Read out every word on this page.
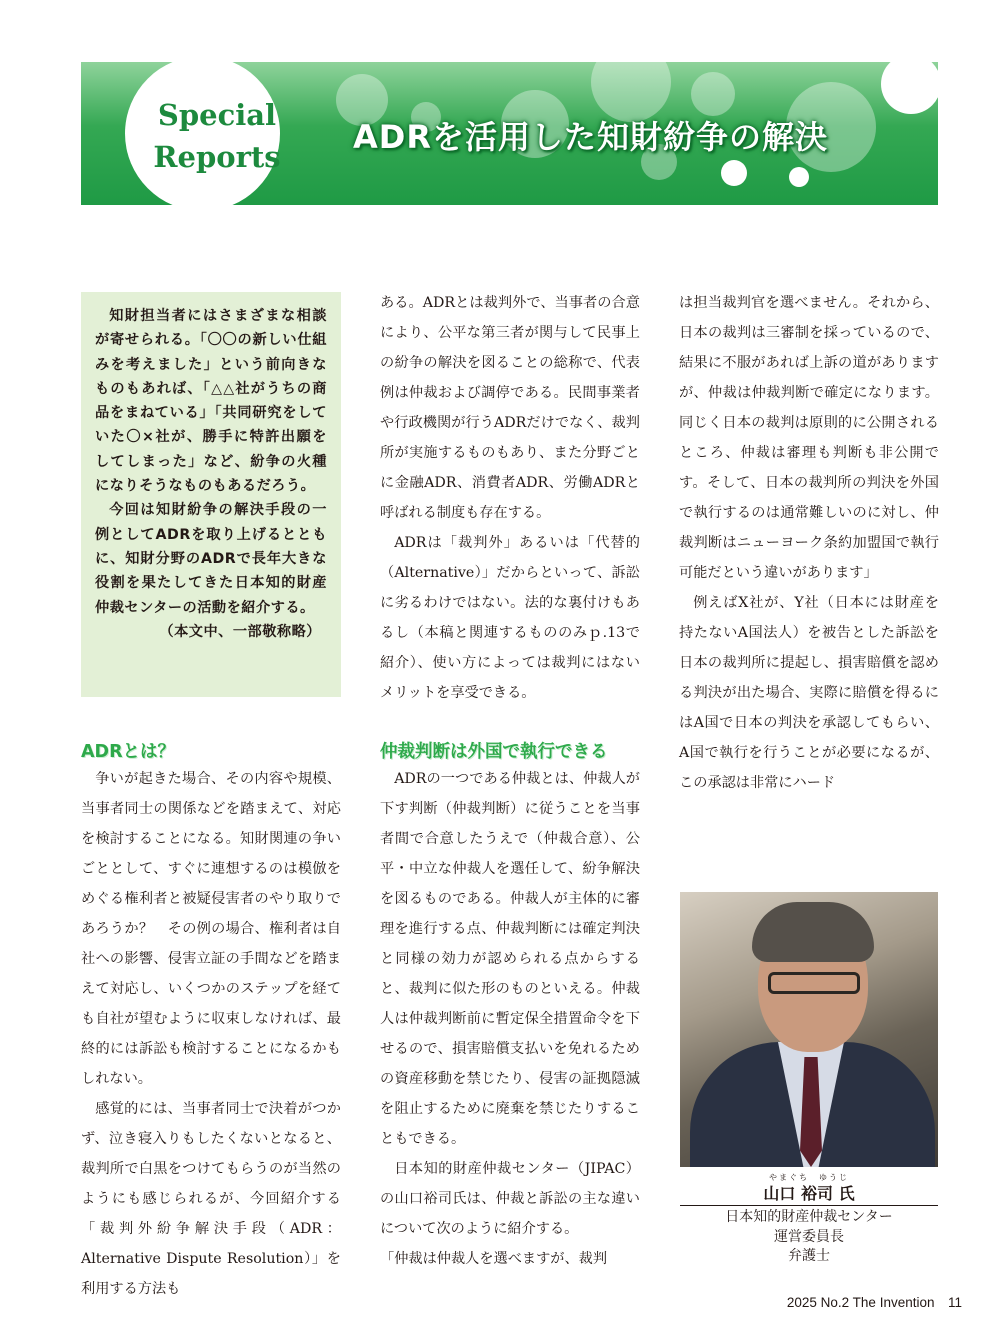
Special
Reports
ADRを活用した知財紛争の解決

知財担当者にはさまざまな相談が寄せられる。「〇〇の新しい仕組みを考えました」という前向きなものもあれば、「△△社がうちの商品をまねている」「共同研究をしていた〇×社が、勝手に特許出願をしてしまった」など、紛争の火種になりそうなものもあるだろう。

今回は知財紛争の解決手段の一例としてADRを取り上げるとともに、知財分野のADRで長年大きな役割を果たしてきた日本知的財産仲裁センターの活動を紹介する。

（本文中、一部敬称略）

ADRとは？

争いが起きた場合、その内容や規模、当事者同士の関係などを踏まえて、対応を検討することになる。知財関連の争いごととして、すぐに連想するのは模倣をめぐる権利者と被疑侵害者のやり取りであろうか？　その例の場合、権利者は自社への影響、侵害立証の手間などを踏まえて対応し、いくつかのステップを経ても自社が望むように収束しなければ、最終的には訴訟も検討することになるかもしれない。

感覚的には、当事者同士で決着がつかず、泣き寝入りもしたくないとなると、裁判所で白黒をつけてもらうのが当然のようにも感じられるが、今回紹介する「裁判外紛争解決手段（ADR：Alternative Dispute Resolution）」を利用する方法も

ある。ADRとは裁判外で、当事者の合意により、公平な第三者が関与して民事上の紛争の解決を図ることの総称で、代表例は仲裁および調停である。民間事業者や行政機関が行うADRだけでなく、裁判所が実施するものもあり、また分野ごとに金融ADR、消費者ADR、労働ADRと呼ばれる制度も存在する。

ADRは「裁判外」あるいは「代替的（Alternative）」だからといって、訴訟に劣るわけではない。法的な裏付けもあるし（本稿と関連するもののみｐ.13で紹介）、使い方によっては裁判にはないメリットを享受できる。

仲裁判断は外国で執行できる

ADRの一つである仲裁とは、仲裁人が下す判断（仲裁判断）に従うことを当事者間で合意したうえで（仲裁合意）、公平・中立な仲裁人を選任して、紛争解決を図るものである。仲裁人が主体的に審理を進行する点、仲裁判断には確定判決と同様の効力が認められる点からすると、裁判に似た形のものといえる。仲裁人は仲裁判断前に暫定保全措置命令を下せるので、損害賠償支払いを免れるための資産移動を禁じたり、侵害の証拠隠滅を阻止するために廃棄を禁じたりすることもできる。

日本知的財産仲裁センター（JIPAC）の山口裕司氏は、仲裁と訴訟の主な違いについて次のように紹介する。

「仲裁は仲裁人を選べますが、裁判

は担当裁判官を選べません。それから、日本の裁判は三審制を採っているので、結果に不服があれば上訴の道がありますが、仲裁は仲裁判断で確定になります。同じく日本の裁判は原則的に公開されるところ、仲裁は審理も判断も非公開です。そして、日本の裁判所の判決を外国で執行するのは通常難しいのに対し、仲裁判断はニューヨーク条約加盟国で執行可能だという違いがあります」

例えばX社が、Y社（日本には財産を持たないA国法人）を被告とした訴訟を日本の裁判所に提起し、損害賠償を認める判決が出た場合、実際に賠償を得るにはA国で日本の判決を承認してもらい、A国で執行を行うことが必要になるが、この承認は非常にハード

やまぐち　ゆうじ
山口 裕司 氏
日本知的財産仲裁センター
運営委員長
弁護士
2025 No.2 The Invention　11
